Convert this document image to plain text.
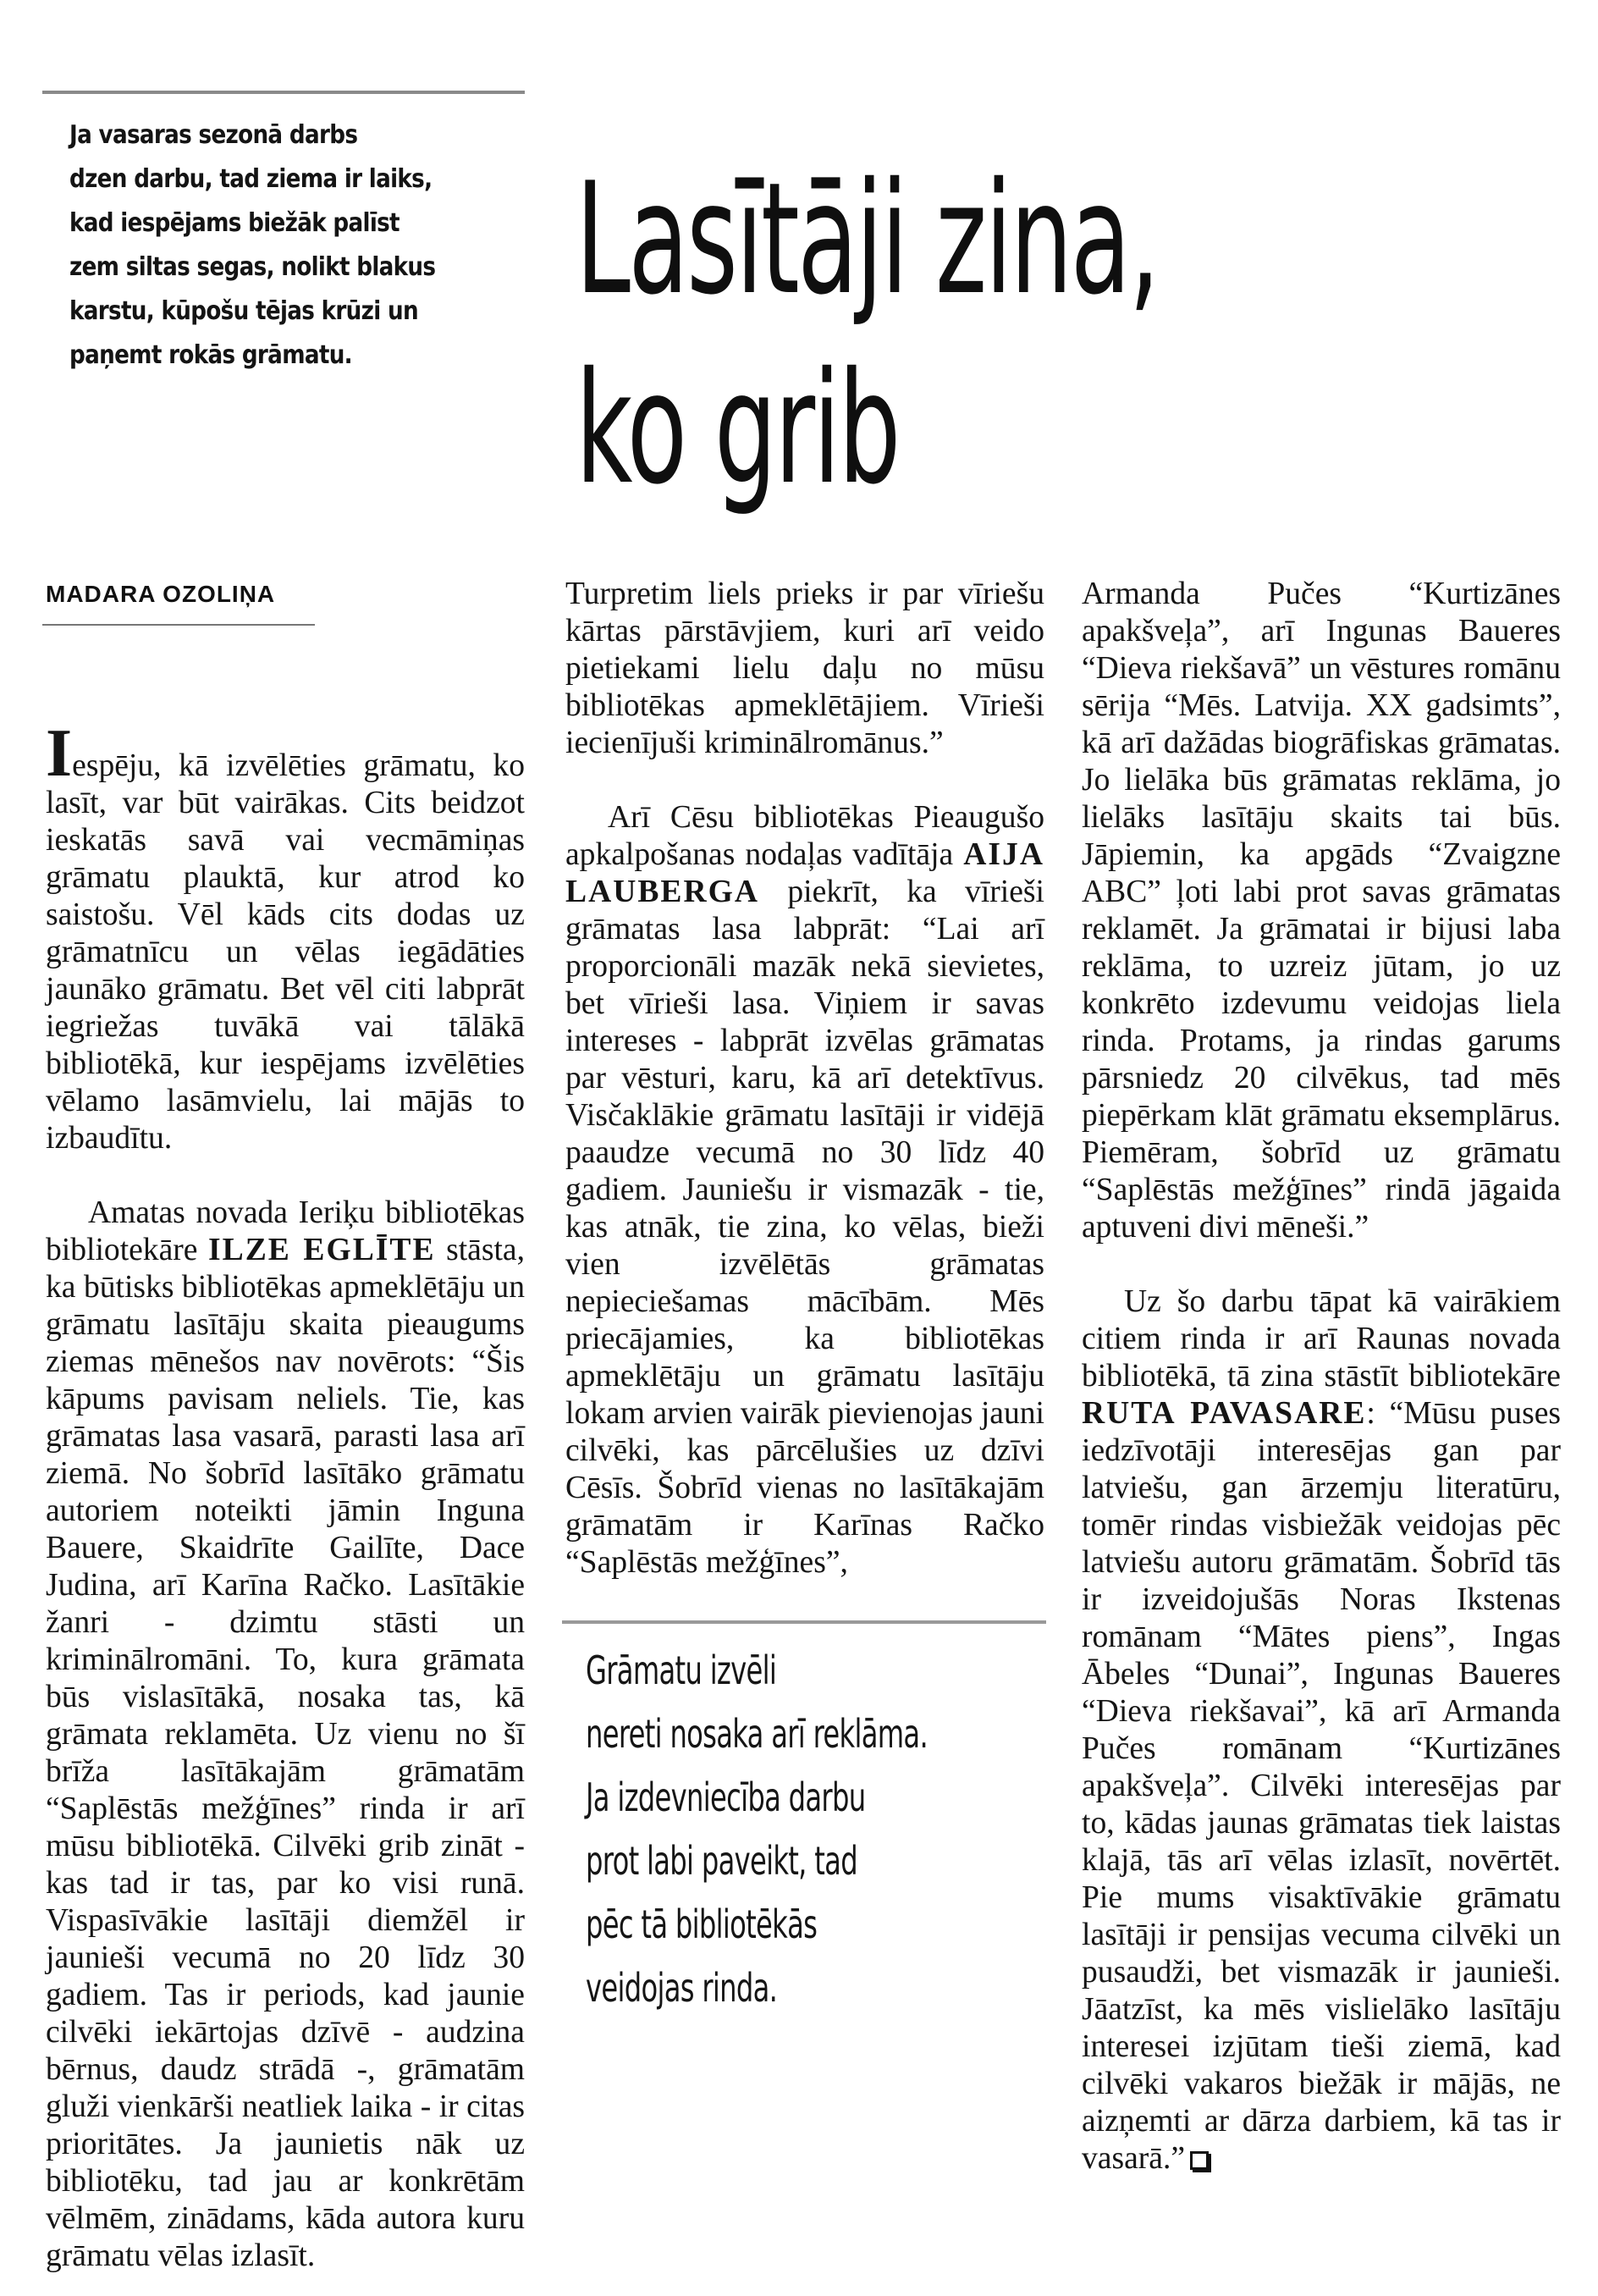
Ja vasaras sezonā darbs
dzen darbu, tad ziema ir laiks,
kad iespējams biežāk palīst
zem siltas segas, nolikt blakus
karstu, kūpošu tējas krūzi un
paņemt rokās grāmatu.
Lasītāji zina,
ko grib
MADARA OZOLIŅA

Iespēju, kā izvēlēties grāmatu, ko lasīt, var būt vairākas. Cits beidzot ieskatās savā vai vecmāmiņas grāmatu plauktā, kur atrod ko saistošu. Vēl kāds cits dodas uz grāmatnīcu un vēlas iegādāties jaunāko grāmatu. Bet vēl citi labprāt iegriežas tuvākā vai tālākā bibliotēkā, kur iespējams izvēlēties vēlamo lasāmvielu, lai mājās to izbaudītu.

Amatas novada Ieriķu bibliotēkas bibliotekāre ILZE EGLĪTE stāsta, ka būtisks bibliotēkas apmeklētāju un grāmatu lasītāju skaita pieaugums ziemas mēnešos nav novērots: “Šis kāpums pavisam neliels. Tie, kas grāmatas lasa vasarā, parasti lasa arī ziemā. No šobrīd lasītāko grāmatu autoriem noteikti jāmin Inguna Bauere, Skaidrīte Gailīte, Dace Judina, arī Karīna Račko. Lasītākie žanri - dzimtu stāsti un kriminālromāni. To, kura grāmata būs vislasītākā, nosaka tas, kā grāmata reklamēta. Uz vienu no šī brīža lasītākajām grāmatām “Saplēstās mežģīnes” rinda ir arī mūsu bibliotēkā. Cilvēki grib zināt - kas tad ir tas, par ko visi runā. Vispasīvākie lasītāji diemžēl ir jaunieši vecumā no 20 līdz 30 gadiem. Tas ir periods, kad jaunie cilvēki iekārtojas dzīvē - audzina bērnus, daudz strādā -, grāmatām gluži vienkārši neatliek laika - ir citas prioritātes. Ja jaunietis nāk uz bibliotēku, tad jau ar konkrētām vēlmēm, zinādams, kāda autora kuru grāmatu vēlas izlasīt.

Turpretim liels prieks ir par vīriešu kārtas pārstāvjiem, kuri arī veido pietiekami lielu daļu no mūsu bibliotēkas apmeklētājiem. Vīrieši iecienījuši kriminālromānus.”

Arī Cēsu bibliotēkas Pieaugušo apkalpošanas nodaļas vadītāja AIJA LAUBERGA piekrīt, ka vīrieši grāmatas lasa labprāt: “Lai arī proporcionāli mazāk nekā sievietes, bet vīrieši lasa. Viņiem ir savas intereses - labprāt izvēlas grāmatas par vēsturi, karu, kā arī detektīvus. Visčaklākie grāmatu lasītāji ir vidējā paaudze vecumā no 30 līdz 40 gadiem. Jauniešu ir vismazāk - tie, kas atnāk, tie zina, ko vēlas, bieži vien izvēlētās grāmatas nepieciešamas mācībām. Mēs priecājamies, ka bibliotēkas apmeklētāju un grāmatu lasītāju lokam arvien vairāk pievienojas jauni cilvēki, kas pārcēlušies uz dzīvi Cēsīs. Šobrīd vienas no lasītākajām grāmatām ir Karīnas Račko “Saplēstās mežģīnes”,

Grāmatu izvēli
nereti nosaka arī reklāma.
Ja izdevniecība darbu
prot labi paveikt, tad
pēc tā bibliotēkās
veidojas rinda.

Armanda Pučes “Kurtizānes apakšveļa”, arī Ingunas Baueres “Dieva riekšavā” un vēstures romānu sērija “Mēs. Latvija. XX gadsimts”, kā arī dažādas biogrāfiskas grāmatas. Jo lielāka būs grāmatas reklāma, jo lielāks lasītāju skaits tai būs. Jāpiemin, ka apgāds “Zvaigzne ABC” ļoti labi prot savas grāmatas reklamēt. Ja grāmatai ir bijusi laba reklāma, to uzreiz jūtam, jo uz konkrēto izdevumu veidojas liela rinda. Protams, ja rindas garums pārsniedz 20 cilvēkus, tad mēs piepērkam klāt grāmatu eksemplārus. Piemēram, šobrīd uz grāmatu “Saplēstās mežģīnes” rindā jāgaida aptuveni divi mēneši.”

Uz šo darbu tāpat kā vairākiem citiem rinda ir arī Raunas novada bibliotēkā, tā zina stāstīt bibliotekāre RUTA PAVASARE: “Mūsu puses iedzīvotāji interesējas gan par latviešu, gan ārzemju literatūru, tomēr rindas visbiežāk veidojas pēc latviešu autoru grāmatām. Šobrīd tās ir izveidojušās Noras Ikstenas romānam “Mātes piens”, Ingas Ābeles “Dunai”, Ingunas Baueres “Dieva riekšavai”, kā arī Armanda Pučes romānam “Kurtizānes apakšveļa”. Cilvēki interesējas par to, kādas jaunas grāmatas tiek laistas klajā, tās arī vēlas izlasīt, novērtēt. Pie mums visaktīvākie grāmatu lasītāji ir pensijas vecuma cilvēki un pusaudži, bet vismazāk ir jaunieši. Jāatzīst, ka mēs vislielāko lasītāju interesei izjūtam tieši ziemā, kad cilvēki vakaros biežāk ir mājās, ne aizņemti ar dārza darbiem, kā tas ir vasarā.”
